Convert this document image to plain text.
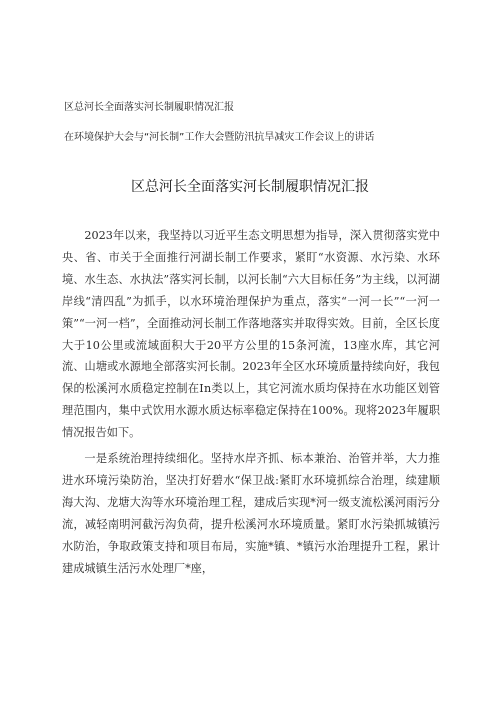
区总河长全面落实河长制履职情况汇报
在环境保护大会与“河长制”工作大会暨防汛抗旱减灾工作会议上的讲话
区总河长全面落实河长制履职情况汇报

2023年以来，我坚持以习近平生态文明思想为指导，深入贯彻落实党中央、省、市关于全面推行河湖长制工作要求，紧盯“水资源、水污染、水环境、水生态、水执法”落实河长制，以河长制“六大目标任务”为主线，以河湖岸线“清四乱”为抓手，以水环境治理保护为重点，落实“一河一长”“一河一策”“一河一档”，全面推动河长制工作落地落实并取得实效。目前，全区长度大于10公里或流域面积大于20平方公里的15条河流，13座水库，其它河流、山塘或水源地全部落实河长制。2023年全区水环境质量持续向好，我包保的松溪河水质稳定控制在Ⅰn类以上，其它河流水质均保持在水功能区划管理范围内，集中式饮用水源水质达标率稳定保持在100%。现将2023年履职情况报告如下。

一是系统治理持续细化。坚持水岸齐抓、标本兼治、治管并举，大力推进水环境污染防治，坚决打好碧水“保卫战:紧盯水环境抓综合治理，续建顺海大沟、龙塘大沟等水环境治理工程，建成后实现*河一级支流松溪河雨污分流，减轻南明河截污沟负荷，提升松溪河水环境质量。紧盯水污染抓城镇污水防治，争取政策支持和项目布局，实施*镇、*镇污水治理提升工程，累计建成城镇生活污水处理厂*座，
